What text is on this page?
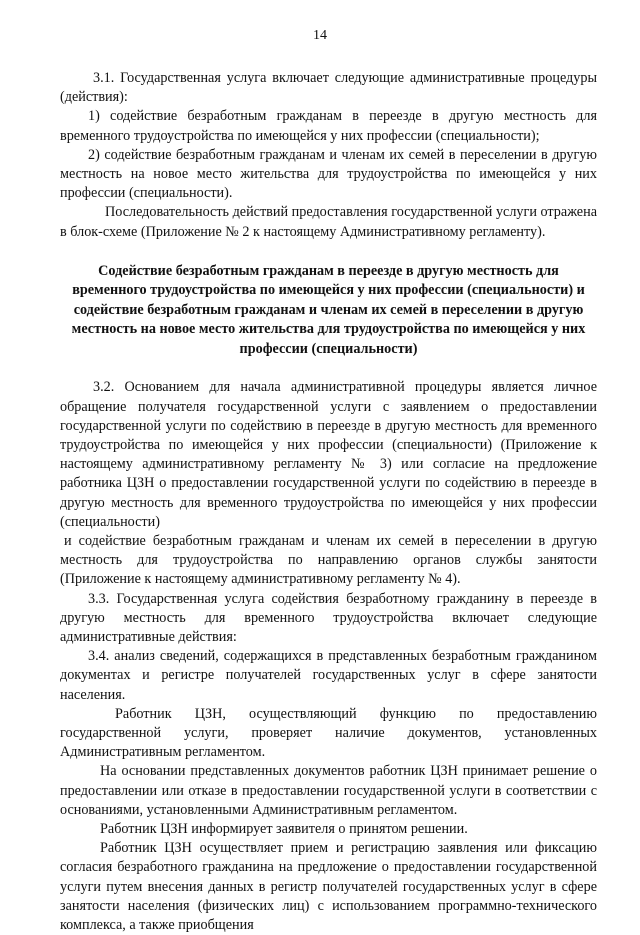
14

3.1. Государственная услуга включает следующие административные процедуры (действия):

1) содействие безработным гражданам в переезде в другую местность для временного трудоустройства по имеющейся у них профессии (специальности);

2) содействие безработным гражданам и членам их семей в переселении в другую местность на новое место жительства для трудоустройства по имеющейся у них профессии (специальности).

Последовательность действий предоставления государственной услуги отражена в блок-схеме (Приложение № 2 к настоящему Административному регламенту).

Содействие безработным гражданам в переезде в другую местность для временного трудоустройства по имеющейся у них профессии (специальности) и содействие безработным гражданам и членам их семей в переселении в другую местность на новое место жительства для трудоустройства по имеющейся у них профессии (специальности)

3.2. Основанием для начала административной процедуры является личное обращение получателя государственной услуги с заявлением о предоставлении государственной услуги по содействию в переезде в другую местность для временного трудоустройства по имеющейся у них профессии (специальности) (Приложение к настоящему административному регламенту № 3) или согласие на предложение работника ЦЗН о предоставлении государственной услуги по содействию в переезде в другую местность для временного трудоустройства по имеющейся у них профессии (специальности)

и содействие безработным гражданам и членам их семей в переселении в другую местность для трудоустройства по направлению органов службы занятости (Приложение к настоящему административному регламенту № 4).

3.3. Государственная услуга содействия безработному гражданину в переезде в другую местность для временного трудоустройства включает следующие административные действия:

3.4. анализ сведений, содержащихся в представленных безработным гражданином документах и регистре получателей государственных услуг в сфере занятости населения.

Работник ЦЗН, осуществляющий функцию по предоставлению государственной услуги, проверяет наличие документов, установленных Административным регламентом.

На основании представленных документов работник ЦЗН принимает решение о предоставлении или отказе в предоставлении государственной услуги в соответствии с основаниями, установленными Административным регламентом.

Работник ЦЗН информирует заявителя о принятом решении.

Работник ЦЗН осуществляет прием и регистрацию заявления или фиксацию согласия безработного гражданина на предложение о предоставлении государственной услуги путем внесения данных в регистр получателей государственных услуг в сфере занятости населения (физических лиц) с использованием программно-технического комплекса, а также приобщения
